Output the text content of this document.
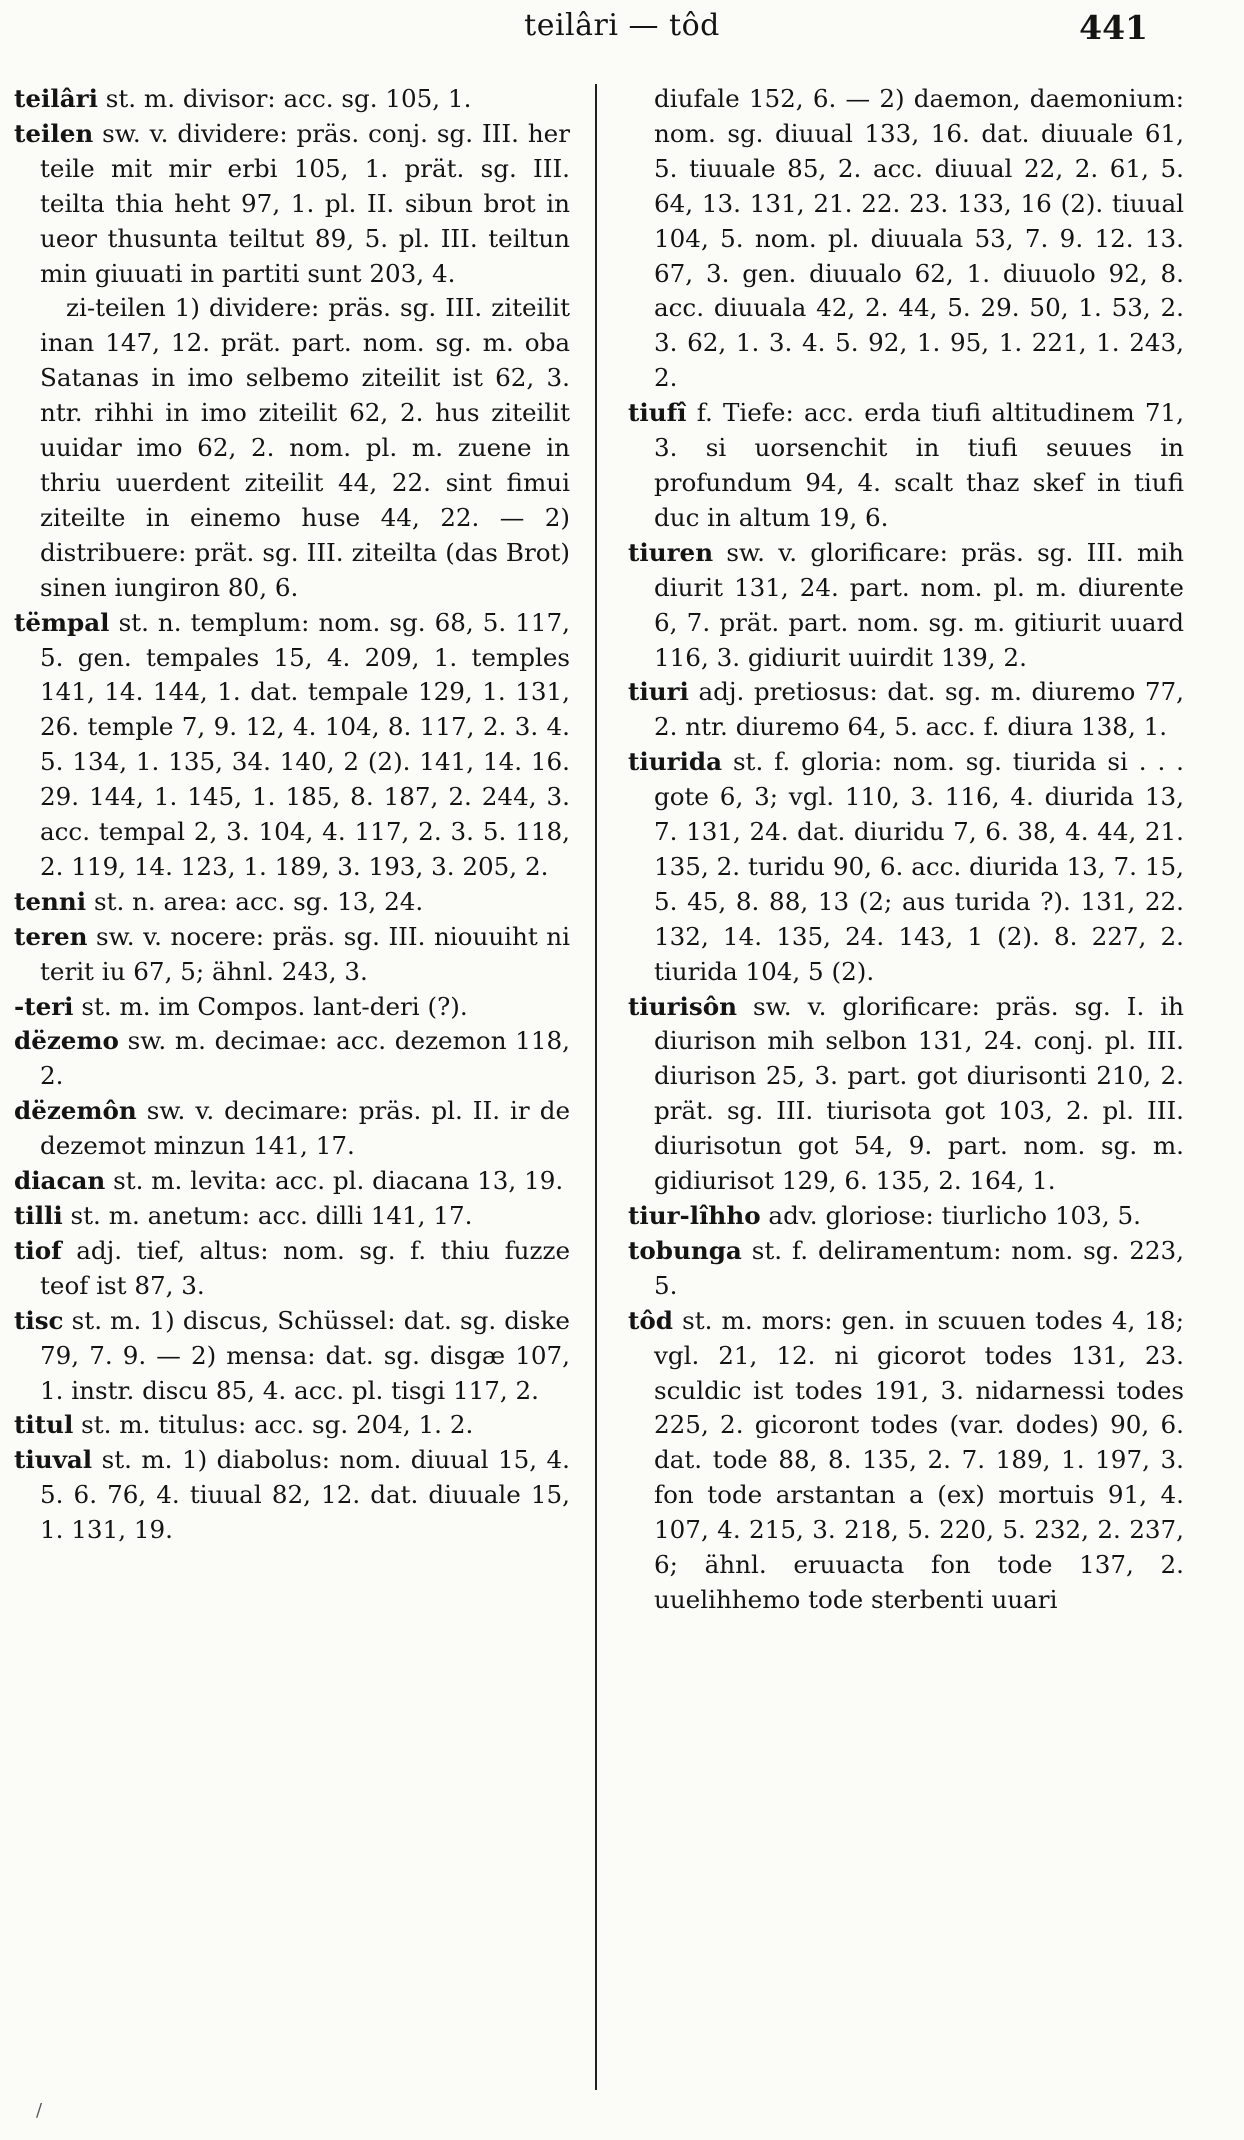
teilâri — tôd	441

teilâri st. m. divisor: acc. sg. 105, 1.

teilen sw. v. dividere: präs. conj. sg. III. her teile mit mir erbi 105, 1. prät. sg. III. teilta thia heht 97, 1. pl. II. sibun brot in ueor thusunta teiltut 89, 5. pl. III. teiltun min giuuati in partiti sunt 203, 4.

zi-teilen 1) dividere: präs. sg. III. ziteilit inan 147, 12. prät. part. nom. sg. m. oba Satanas in imo selbemo ziteilit ist 62, 3. ntr. rihhi in imo ziteilit 62, 2. hus ziteilit uuidar imo 62, 2. nom. pl. m. zuene in thriu uuerdent ziteilit 44, 22. sint fimui ziteilte in einemo huse 44, 22. — 2) distribuere: prät. sg. III. ziteilta (das Brot) sinen iungiron 80, 6.

tëmpal st. n. templum: nom. sg. 68, 5. 117, 5. gen. tempales 15, 4. 209, 1. temples 141, 14. 144, 1. dat. tempale 129, 1. 131, 26. temple 7, 9. 12, 4. 104, 8. 117, 2. 3. 4. 5. 134, 1. 135, 34. 140, 2 (2). 141, 14. 16. 29. 144, 1. 145, 1. 185, 8. 187, 2. 244, 3. acc. tempal 2, 3. 104, 4. 117, 2. 3. 5. 118, 2. 119, 14. 123, 1. 189, 3. 193, 3. 205, 2.

tenni st. n. area: acc. sg. 13, 24.

teren sw. v. nocere: präs. sg. III. niouuiht ni terit iu 67, 5; ähnl. 243, 3.

-teri st. m. im Compos. lant-deri (?).

dëzemo sw. m. decimae: acc. dezemon 118, 2.

dëzemôn sw. v. decimare: präs. pl. II. ir de dezemot minzun 141, 17.

diacan st. m. levita: acc. pl. diacana 13, 19.

tilli st. m. anetum: acc. dilli 141, 17.

tiof adj. tief, altus: nom. sg. f. thiu fuzze teof ist 87, 3.

tisc st. m. 1) discus, Schüssel: dat. sg. diske 79, 7. 9. — 2) mensa: dat. sg. disgæ 107, 1. instr. discu 85, 4. acc. pl. tisgi 117, 2.

titul st. m. titulus: acc. sg. 204, 1. 2.

tiuval st. m. 1) diabolus: nom. diuual 15, 4. 5. 6. 76, 4. tiuual 82, 12. dat. diuuale 15, 1. 131, 19.

diufale 152, 6. — 2) daemon, daemonium: nom. sg. diuual 133, 16. dat. diuuale 61, 5. tiuuale 85, 2. acc. diuual 22, 2. 61, 5. 64, 13. 131, 21. 22. 23. 133, 16 (2). tiuual 104, 5. nom. pl. diuuala 53, 7. 9. 12. 13. 67, 3. gen. diuualo 62, 1. diuuolo 92, 8. acc. diuuala 42, 2. 44, 5. 29. 50, 1. 53, 2. 3. 62, 1. 3. 4. 5. 92, 1. 95, 1. 221, 1. 243, 2.

tiufî f. Tiefe: acc. erda tiufi altitudinem 71, 3. si uorsenchit in tiufi seuues in profundum 94, 4. scalt thaz skef in tiufi duc in altum 19, 6.

tiuren sw. v. glorificare: präs. sg. III. mih diurit 131, 24. part. nom. pl. m. diurente 6, 7. prät. part. nom. sg. m. gitiurit uuard 116, 3. gidiurit uuirdit 139, 2.

tiuri adj. pretiosus: dat. sg. m. diuremo 77, 2. ntr. diuremo 64, 5. acc. f. diura 138, 1.

tiurida st. f. gloria: nom. sg. tiurida si . . . gote 6, 3; vgl. 110, 3. 116, 4. diurida 13, 7. 131, 24. dat. diuridu 7, 6. 38, 4. 44, 21. 135, 2. turidu 90, 6. acc. diurida 13, 7. 15, 5. 45, 8. 88, 13 (2; aus turida ?). 131, 22. 132, 14. 135, 24. 143, 1 (2). 8. 227, 2. tiurida 104, 5 (2).

tiurisôn sw. v. glorificare: präs. sg. I. ih diurison mih selbon 131, 24. conj. pl. III. diurison 25, 3. part. got diurisonti 210, 2. prät. sg. III. tiurisota got 103, 2. pl. III. diurisotun got 54, 9. part. nom. sg. m. gidiurisot 129, 6. 135, 2. 164, 1.

tiur-lîhho adv. gloriose: tiurlicho 103, 5.

tobunga st. f. deliramentum: nom. sg. 223, 5.

tôd st. m. mors: gen. in scuuen todes 4, 18; vgl. 21, 12. ni gicorot todes 131, 23. sculdic ist todes 191, 3. nidarnessi todes 225, 2. gicoront todes (var. dodes) 90, 6. dat. tode 88, 8. 135, 2. 7. 189, 1. 197, 3. fon tode arstantan a (ex) mortuis 91, 4. 107, 4. 215, 3. 218, 5. 220, 5. 232, 2. 237, 6; ähnl. eruuacta fon tode 137, 2. uuelihhemo tode sterbenti uuari

/
